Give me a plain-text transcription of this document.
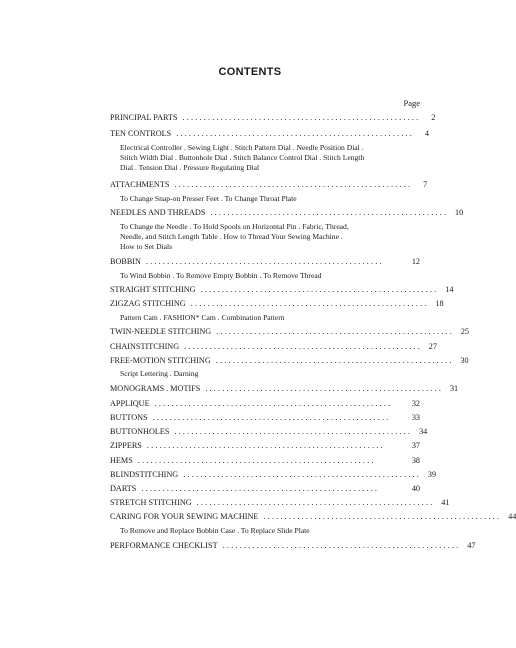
CONTENTS
Page
PRINCIPAL PARTS ........................................................	2
TEN CONTROLS ........................................................	4
Electrical Controller . Sewing Light . Stitch Pattern Dial . Needle Position Dial .
Stitch Width Dial . Buttonhole Dial . Stitch Balance Control Dial . Stitch Length
Dial . Tension Dial . Pressure Regulating Dial
ATTACHMENTS ........................................................	7
To Change Snap-on Presser Feet . To Change Throat Plate
NEEDLES AND THREADS ........................................................ 10
To Change the Needle . To Hold Spools on Horizontal Pin . Fabric, Thread,
Needle, and Stitch Length Table . How to Thread Your Sewing Machine .
How to Set Dials
BOBBIN ........................................................	12
To Wind Bobbin . To Remove Empty Bobbin . To Remove Thread
STRAIGHT STITCHING ........................................................ 14
ZIGZAG STITCHING ........................................................ 18
Pattern Cam . FASHION* Cam . Combination Pattern
TWIN-NEEDLE STITCHING ........................................................ 25
CHAINSTITCHING ........................................................ 27
FREE-MOTION STITCHING ........................................................ 30
Script Lettering . Darning
MONOGRAMS . MOTIFS ........................................................ 31
APPLIQUE ........................................................	32
BUTTONS ........................................................	33
BUTTONHOLES ........................................................ 34
ZIPPERS ........................................................	37
HEMS ........................................................	38
BLINDSTITCHING ........................................................ 39
DARTS ........................................................	40
STRETCH STITCHING ........................................................ 41
CARING FOR YOUR SEWING MACHINE ........................................................ 44
To Remove and Replace Bobbin Case . To Replace Slide Plate
PERFORMANCE CHECKLIST ........................................................ 47
